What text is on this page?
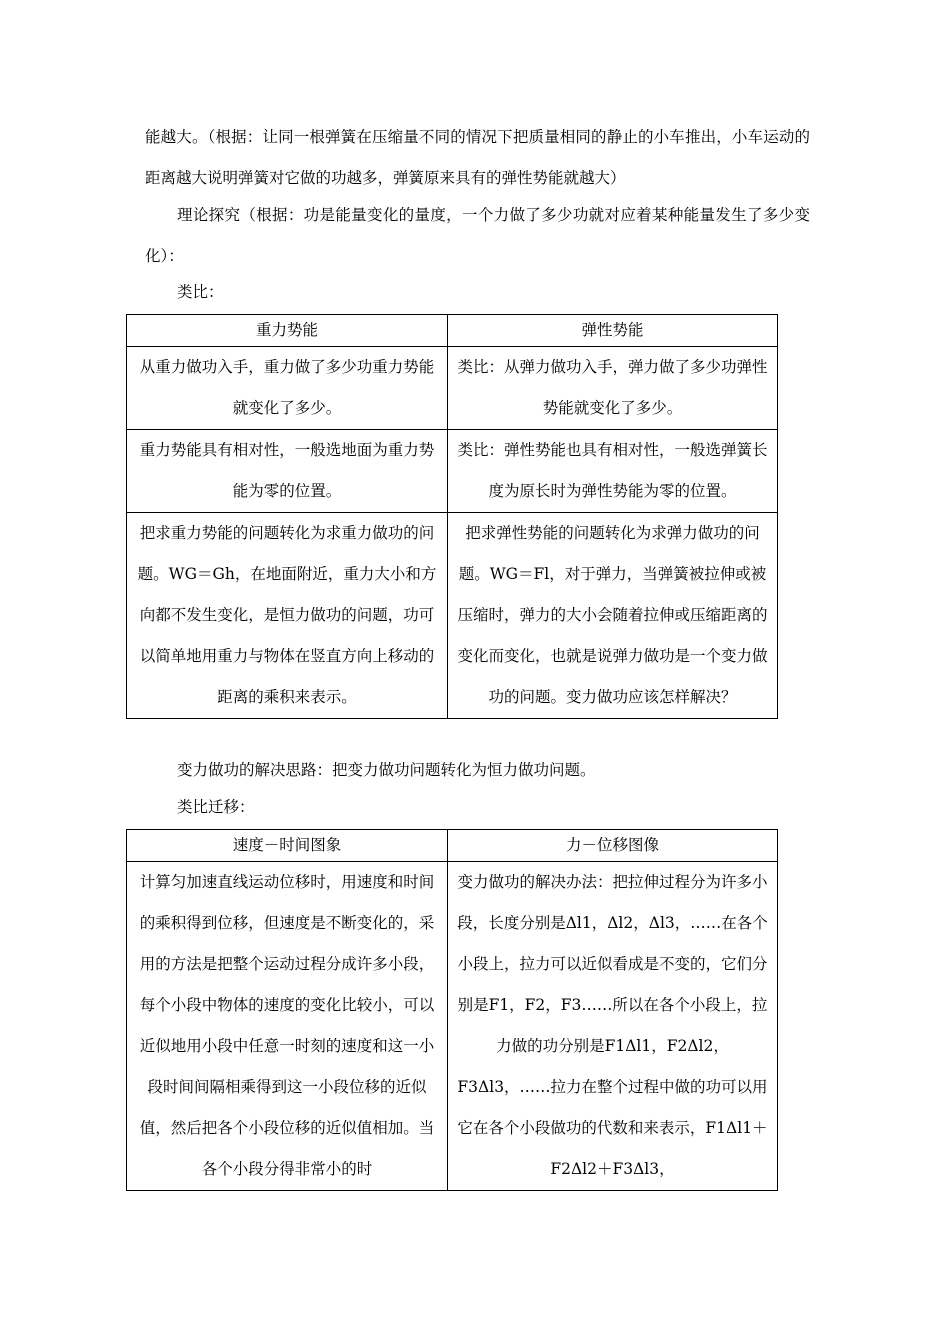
能越大。（根据：让同一根弹簧在压缩量不同的情况下把质量相同的静止的小车推出，小车运动的距离越大说明弹簧对它做的功越多，弹簧原来具有的弹性势能就越大）
理论探究（根据：功是能量变化的量度，一个力做了多少功就对应着某种能量发生了多少变化）：
类比：
重力势能	弹性势能
从重力做功入手，重力做了多少功重力势能就变化了多少。	类比：从弹力做功入手，弹力做了多少功弹性势能就变化了多少。
重力势能具有相对性，一般选地面为重力势能为零的位置。	类比：弹性势能也具有相对性，一般选弹簧长度为原长时为弹性势能为零的位置。
把求重力势能的问题转化为求重力做功的问题。WG＝Gh，在地面附近，重力大小和方向都不发生变化，是恒力做功的问题，功可以简单地用重力与物体在竖直方向上移动的距离的乘积来表示。	把求弹性势能的问题转化为求弹力做功的问题。WG＝Fl，对于弹力，当弹簧被拉伸或被压缩时，弹力的大小会随着拉伸或压缩距离的变化而变化，也就是说弹力做功是一个变力做功的问题。变力做功应该怎样解决？
变力做功的解决思路：把变力做功问题转化为恒力做功问题。
类比迁移：
速度－时间图象	力－位移图像
计算匀加速直线运动位移时，用速度和时间的乘积得到位移，但速度是不断变化的，采用的方法是把整个运动过程分成许多小段，每个小段中物体的速度的变化比较小，可以近似地用小段中任意一时刻的速度和这一小段时间间隔相乘得到这一小段位移的近似值，然后把各个小段位移的近似值相加。当各个小段分得非常小的时	变力做功的解决办法：把拉伸过程分为许多小段，长度分别是Δl1，Δl2，Δl3，……在各个小段上，拉力可以近似看成是不变的，它们分别是F1，F2，F3……所以在各个小段上，拉力做的功分别是F1Δl1，F2Δl2，F3Δl3，……拉力在整个过程中做的功可以用它在各个小段做功的代数和来表示，F1Δl1＋F2Δl2＋F3Δl3，
